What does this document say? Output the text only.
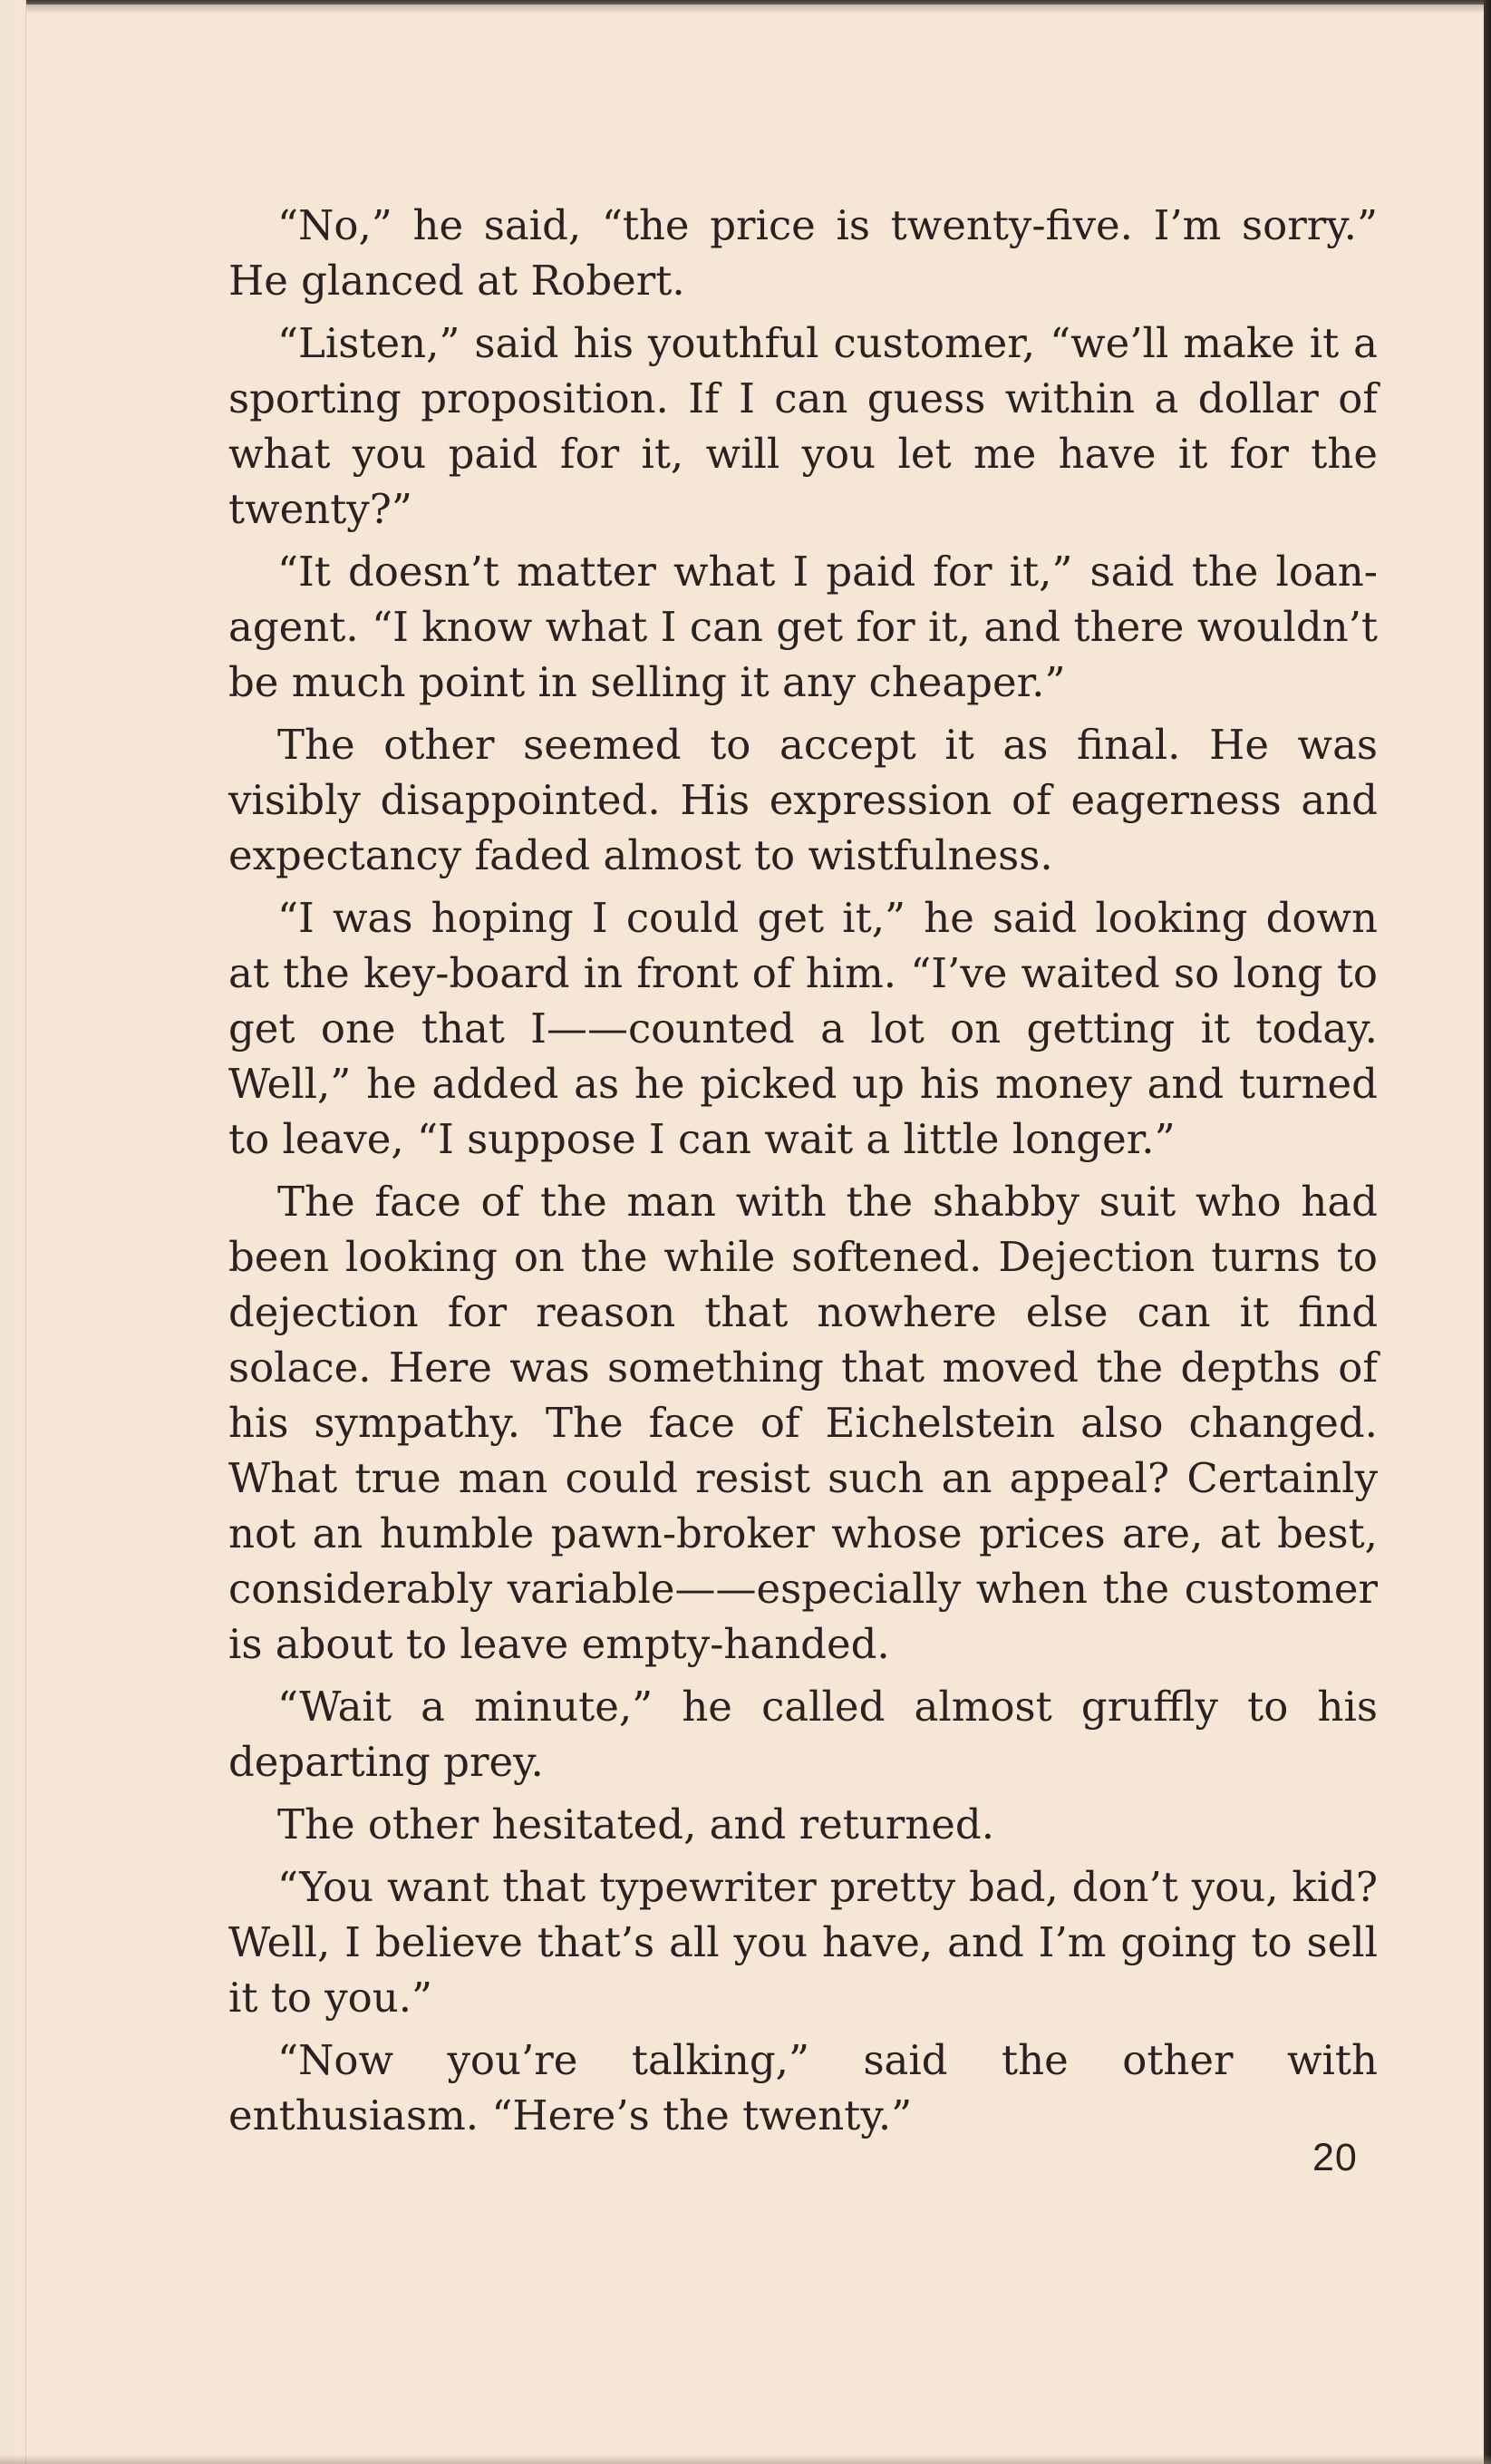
“No,” he said, “the price is twenty-five. I’m sorry.” He glanced at Robert.

“Listen,” said his youthful customer, “we’ll make it a sporting proposition. If I can guess within a dollar of what you paid for it, will you let me have it for the twenty?”

“It doesn’t matter what I paid for it,” said the loan-agent. “I know what I can get for it, and there wouldn’t be much point in selling it any cheaper.”

The other seemed to accept it as final. He was visibly disappointed. His expression of eagerness and expectancy faded almost to wistfulness.

“I was hoping I could get it,” he said looking down at the key-board in front of him. “I’ve waited so long to get one that I——counted a lot on getting it today. Well,” he added as he picked up his money and turned to leave, “I suppose I can wait a little longer.”

The face of the man with the shabby suit who had been looking on the while softened. Dejection turns to dejection for reason that nowhere else can it find solace. Here was something that moved the depths of his sympathy. The face of Eichelstein also changed. What true man could resist such an appeal? Certainly not an humble pawn-broker whose prices are, at best, considerably variable——especially when the customer is about to leave empty-handed.

“Wait a minute,” he called almost gruffly to his departing prey.

The other hesitated, and returned.

“You want that typewriter pretty bad, don’t you, kid? Well, I believe that’s all you have, and I’m going to sell it to you.”

“Now you’re talking,” said the other with enthusiasm. “Here’s the twenty.”

20
